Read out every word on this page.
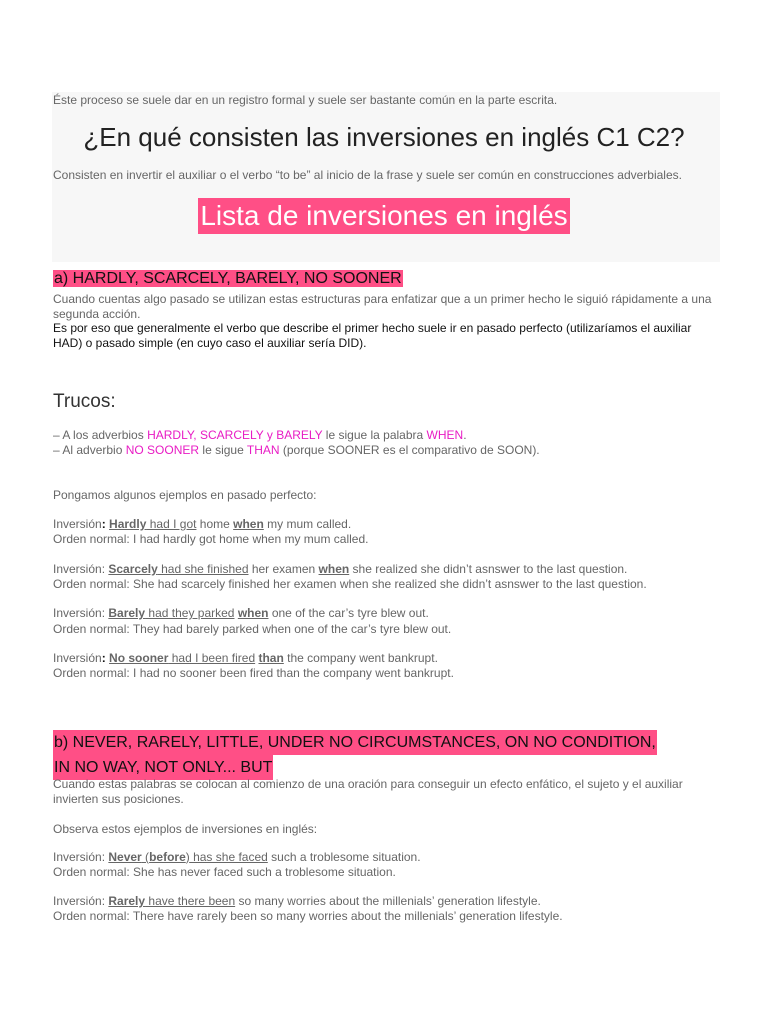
Éste proceso se suele dar en un registro formal y suele ser bastante común en la parte escrita.
¿En qué consisten las inversiones en inglés C1 C2?
Consisten en invertir el auxiliar o el verbo “to be” al inicio de la frase y suele ser común en construcciones adverbiales.
Lista de inversiones en inglés
a) HARDLY, SCARCELY, BARELY, NO SOONER
Cuando cuentas algo pasado se utilizan estas estructuras para enfatizar que a un primer hecho le siguió rápidamente a una segunda acción.
Es por eso que generalmente el verbo que describe el primer hecho suele ir en pasado perfecto (utilizaríamos el auxiliar HAD) o pasado simple (en cuyo caso el auxiliar sería DID).
Trucos:
– A los adverbios HARDLY, SCARCELY y BARELY le sigue la palabra WHEN.
– Al adverbio NO SOONER le sigue THAN (porque SOONER es el comparativo de SOON).
Pongamos algunos ejemplos en pasado perfecto:
Inversión: Hardly had I got home when my mum called.
Orden normal: I had hardly got home when my mum called.
Inversión: Scarcely had she finished her examen when she realized she didn’t asnswer to the last question.
Orden normal: She had scarcely finished her examen when she realized she didn’t asnswer to the last question.
Inversión: Barely had they parked when one of the car’s tyre blew out.
Orden normal: They had barely parked when one of the car’s tyre blew out.
Inversión: No sooner had I been fired than the company went bankrupt.
Orden normal: I had no sooner been fired than the company went bankrupt.
b) NEVER, RARELY, LITTLE, UNDER NO CIRCUMSTANCES, ON NO CONDITION,
IN NO WAY, NOT ONLY... BUT
Cuando estas palabras se colocan al comienzo de una oración para conseguir un efecto enfático, el sujeto y el auxiliar invierten sus posiciones.
Observa estos ejemplos de inversiones en inglés:
Inversión: Never (before) has she faced such a troblesome situation.
Orden normal: She has never faced such a troblesome situation.
Inversión: Rarely have there been so many worries about the millenials’ generation lifestyle.
Orden normal: There have rarely been so many worries about the millenials’ generation lifestyle.
